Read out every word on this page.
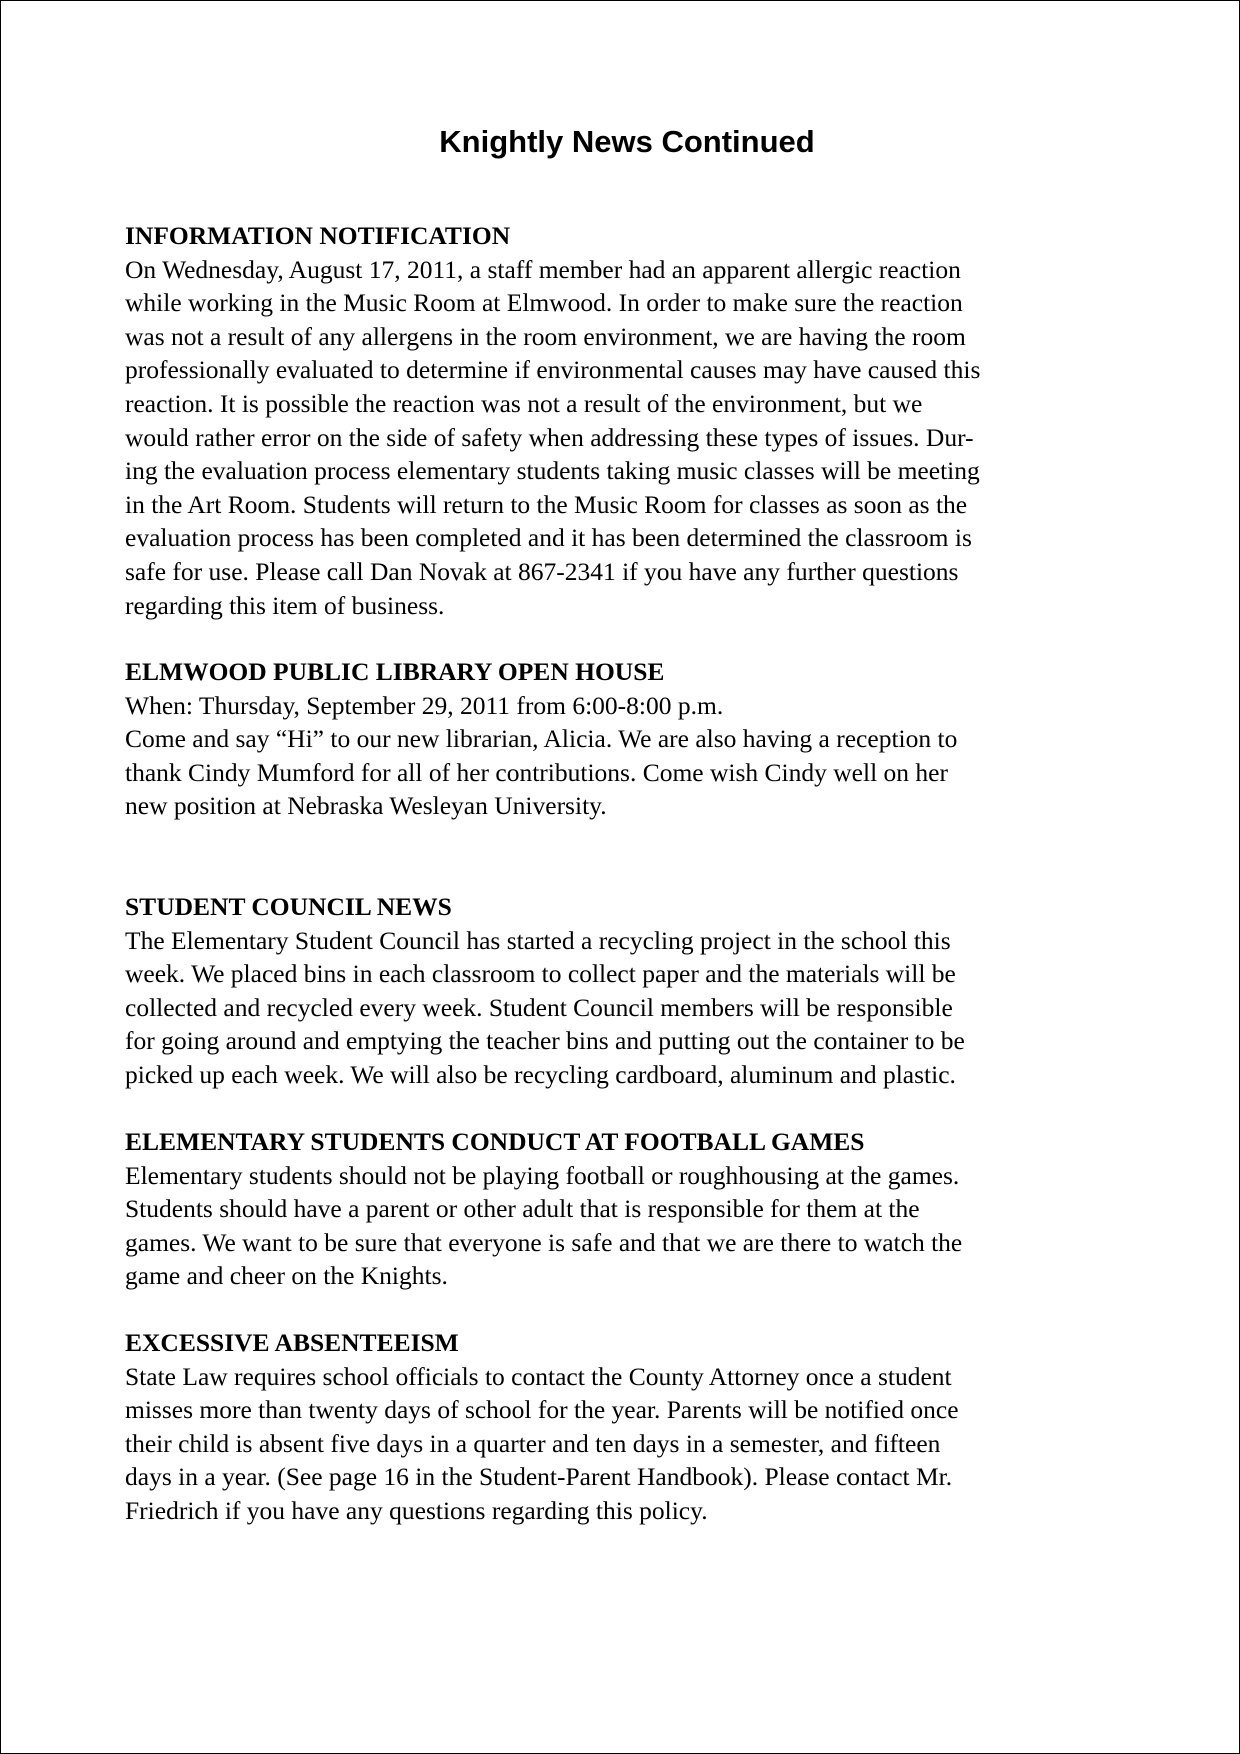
Knightly News Continued
INFORMATION NOTIFICATION
On Wednesday, August 17, 2011, a staff member had an apparent allergic reaction
while working in the Music Room at Elmwood. In order to make sure the reaction
was not a result of any allergens in the room environment, we are having the room
professionally evaluated to determine if environmental causes may have caused this
reaction. It is possible the reaction was not a result of the environment, but we
would rather error on the side of safety when addressing these types of issues. Dur-
ing the evaluation process elementary students taking music classes will be meeting
in the Art Room. Students will return to the Music Room for classes as soon as the
evaluation process has been completed and it has been determined the classroom is
safe for use. Please call Dan Novak at 867-2341 if you have any further questions
regarding this item of business.
ELMWOOD PUBLIC LIBRARY OPEN HOUSE
When: Thursday, September 29, 2011 from 6:00-8:00 p.m.
Come and say “Hi” to our new librarian, Alicia. We are also having a reception to
thank Cindy Mumford for all of her contributions. Come wish Cindy well on her
new position at Nebraska Wesleyan University.
STUDENT COUNCIL NEWS
The Elementary Student Council has started a recycling project in the school this
week. We placed bins in each classroom to collect paper and the materials will be
collected and recycled every week. Student Council members will be responsible
for going around and emptying the teacher bins and putting out the container to be
picked up each week. We will also be recycling cardboard, aluminum and plastic.
ELEMENTARY STUDENTS CONDUCT AT FOOTBALL GAMES
Elementary students should not be playing football or roughhousing at the games.
Students should have a parent or other adult that is responsible for them at the
games. We want to be sure that everyone is safe and that we are there to watch the
game and cheer on the Knights.
EXCESSIVE ABSENTEEISM
State Law requires school officials to contact the County Attorney once a student
misses more than twenty days of school for the year. Parents will be notified once
their child is absent five days in a quarter and ten days in a semester, and fifteen
days in a year. (See page 16 in the Student-Parent Handbook). Please contact Mr.
Friedrich if you have any questions regarding this policy.
